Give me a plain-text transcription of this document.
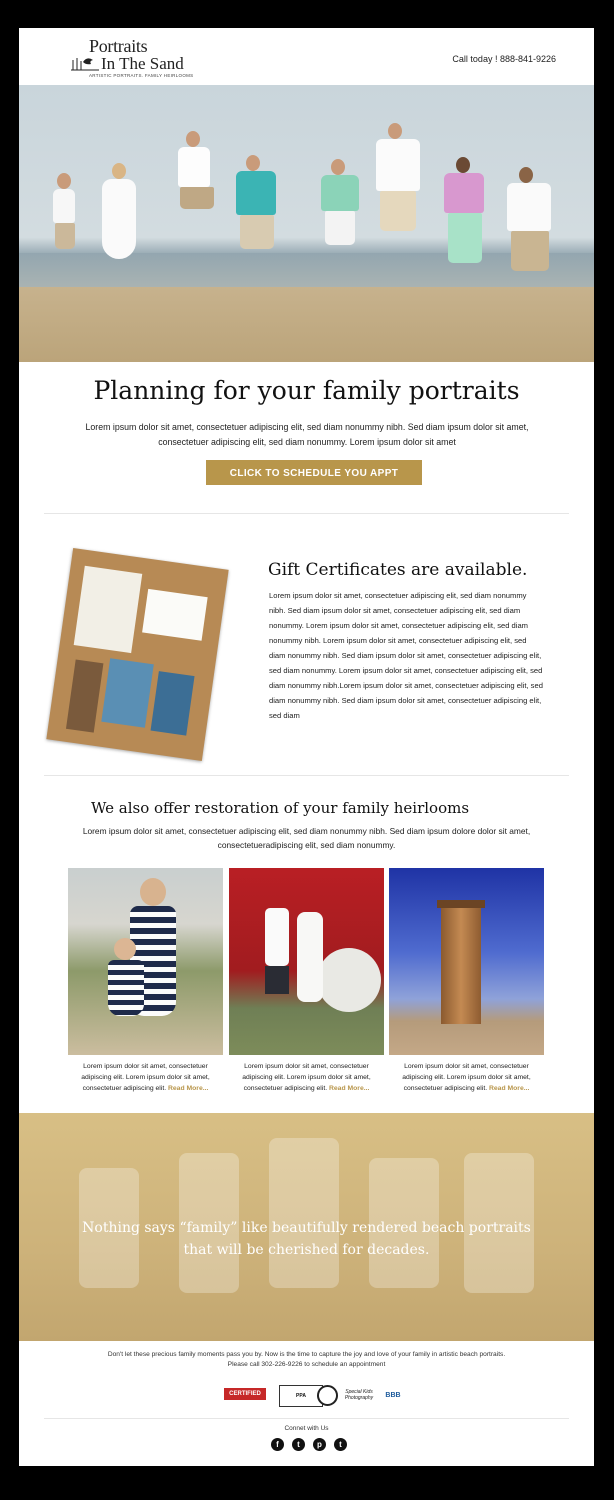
Portraits
In The Sand
ARTISTIC PORTRAITS. FAMILY HEIRLOOMS
Call today ! 888-841-9226
Planning for your family portraits
Lorem ipsum dolor sit amet, consectetuer adipiscing elit, sed diam nonummy nibh. Sed diam ipsum dolor sit amet, consectetuer adipiscing elit, sed diam nonummy. Lorem ipsum dolor sit amet
CLICK TO SCHEDULE YOU APPT TODAY
Gift Certificates are available.
Lorem ipsum dolor sit amet, consectetuer adipiscing elit, sed diam nonummy nibh. Sed diam ipsum dolor sit amet, consectetuer adipiscing elit, sed diam nonummy. Lorem ipsum dolor sit amet, consectetuer adipiscing elit, sed diam nonummy nibh. Lorem ipsum dolor sit amet, consectetuer adipiscing elit, sed diam nonummy nibh. Sed diam ipsum dolor sit amet, consectetuer adipiscing elit, sed diam nonummy. Lorem ipsum dolor sit amet, consectetuer adipiscing elit, sed diam nonummy nibh.Lorem ipsum dolor sit amet, consectetuer adipiscing elit, sed diam nonummy nibh. Sed diam ipsum dolor sit amet, consectetuer adipiscing elit, sed diam
We also offer restoration of your family heirlooms
Lorem ipsum dolor sit amet, consectetuer adipiscing elit, sed diam nonummy nibh. Sed diam ipsum dolore dolor sit amet, consectetueradipiscing elit, sed diam nonummy.
Lorem ipsum dolor sit amet, consectetuer adipiscing elit. Lorem ipsum dolor sit amet, consectetuer adipiscing elit. Read More...
Lorem ipsum dolor sit amet, consectetuer adipiscing elit. Lorem ipsum dolor sit amet, consectetuer adipiscing elit. Read More...
Lorem ipsum dolor sit amet, consectetuer adipiscing elit. Lorem ipsum dolor sit amet, consectetuer adipiscing elit. Read More...
Nothing says “family” like beautifully rendered beach portraits that will be cherished for decades.
Don't let these precious family moments pass you by. Now is the time to capture the joy and love of your family in artistic beach portraits.
Please call 302-226-9226 to schedule an appointment
CERTIFIED	PPA
Special Kids Photography	BBB
Connet with Us
f	t	p	t
